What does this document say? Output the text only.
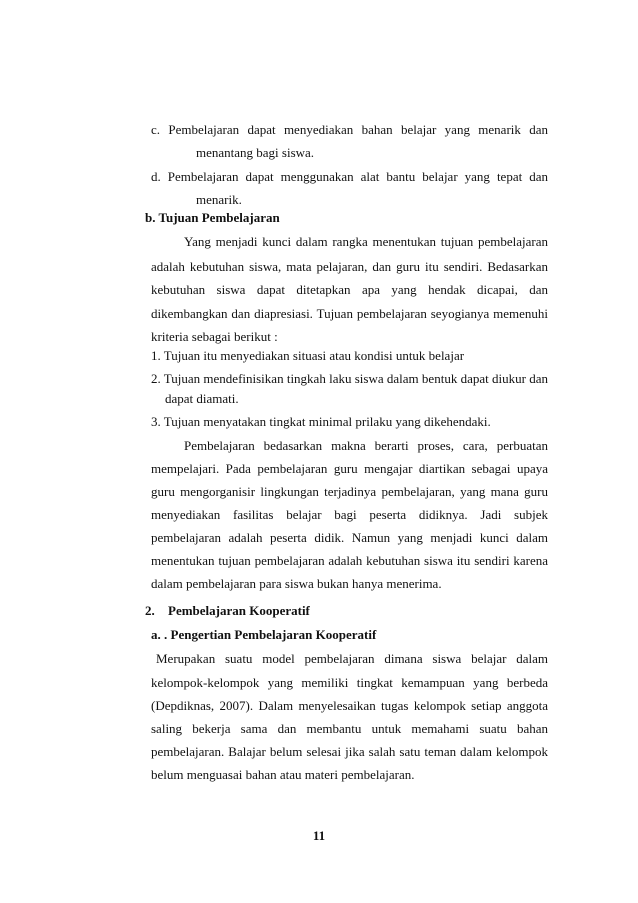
c. Pembelajaran dapat menyediakan bahan belajar yang menarik dan
menantang bagi siswa.
d. Pembelajaran dapat menggunakan alat bantu belajar yang tepat dan
menarik.
b. Tujuan Pembelajaran
Yang menjadi kunci dalam rangka menentukan tujuan pembelajaran
adalah kebutuhan siswa, mata pelajaran, dan guru itu sendiri. Bedasarkan
kebutuhan siswa dapat ditetapkan apa yang hendak dicapai, dan
dikembangkan dan diapresiasi. Tujuan pembelajaran seyogianya memenuhi
kriteria sebagai berikut :
1. Tujuan itu menyediakan situasi atau kondisi untuk belajar
2. Tujuan mendefinisikan tingkah laku siswa dalam bentuk dapat diukur dan
dapat diamati.
3. Tujuan menyatakan tingkat minimal prilaku yang dikehendaki.
Pembelajaran bedasarkan makna berarti proses, cara, perbuatan
mempelajari. Pada pembelajaran guru mengajar diartikan sebagai upaya
guru mengorganisir lingkungan terjadinya pembelajaran, yang mana guru
menyediakan fasilitas belajar bagi peserta didiknya. Jadi subjek
pembelajaran adalah peserta didik. Namun yang menjadi kunci dalam
menentukan tujuan pembelajaran adalah kebutuhan siswa itu sendiri karena
dalam pembelajaran para siswa bukan hanya menerima.
2. Pembelajaran Kooperatif
a. . Pengertian Pembelajaran Kooperatif
Merupakan suatu model pembelajaran dimana siswa belajar dalam
kelompok-kelompok yang memiliki tingkat kemampuan yang berbeda
(Depdiknas, 2007). Dalam menyelesaikan tugas kelompok setiap anggota
saling bekerja sama dan membantu untuk memahami suatu bahan
pembelajaran. Balajar belum selesai jika salah satu teman dalam kelompok
belum menguasai bahan atau materi pembelajaran.
11
